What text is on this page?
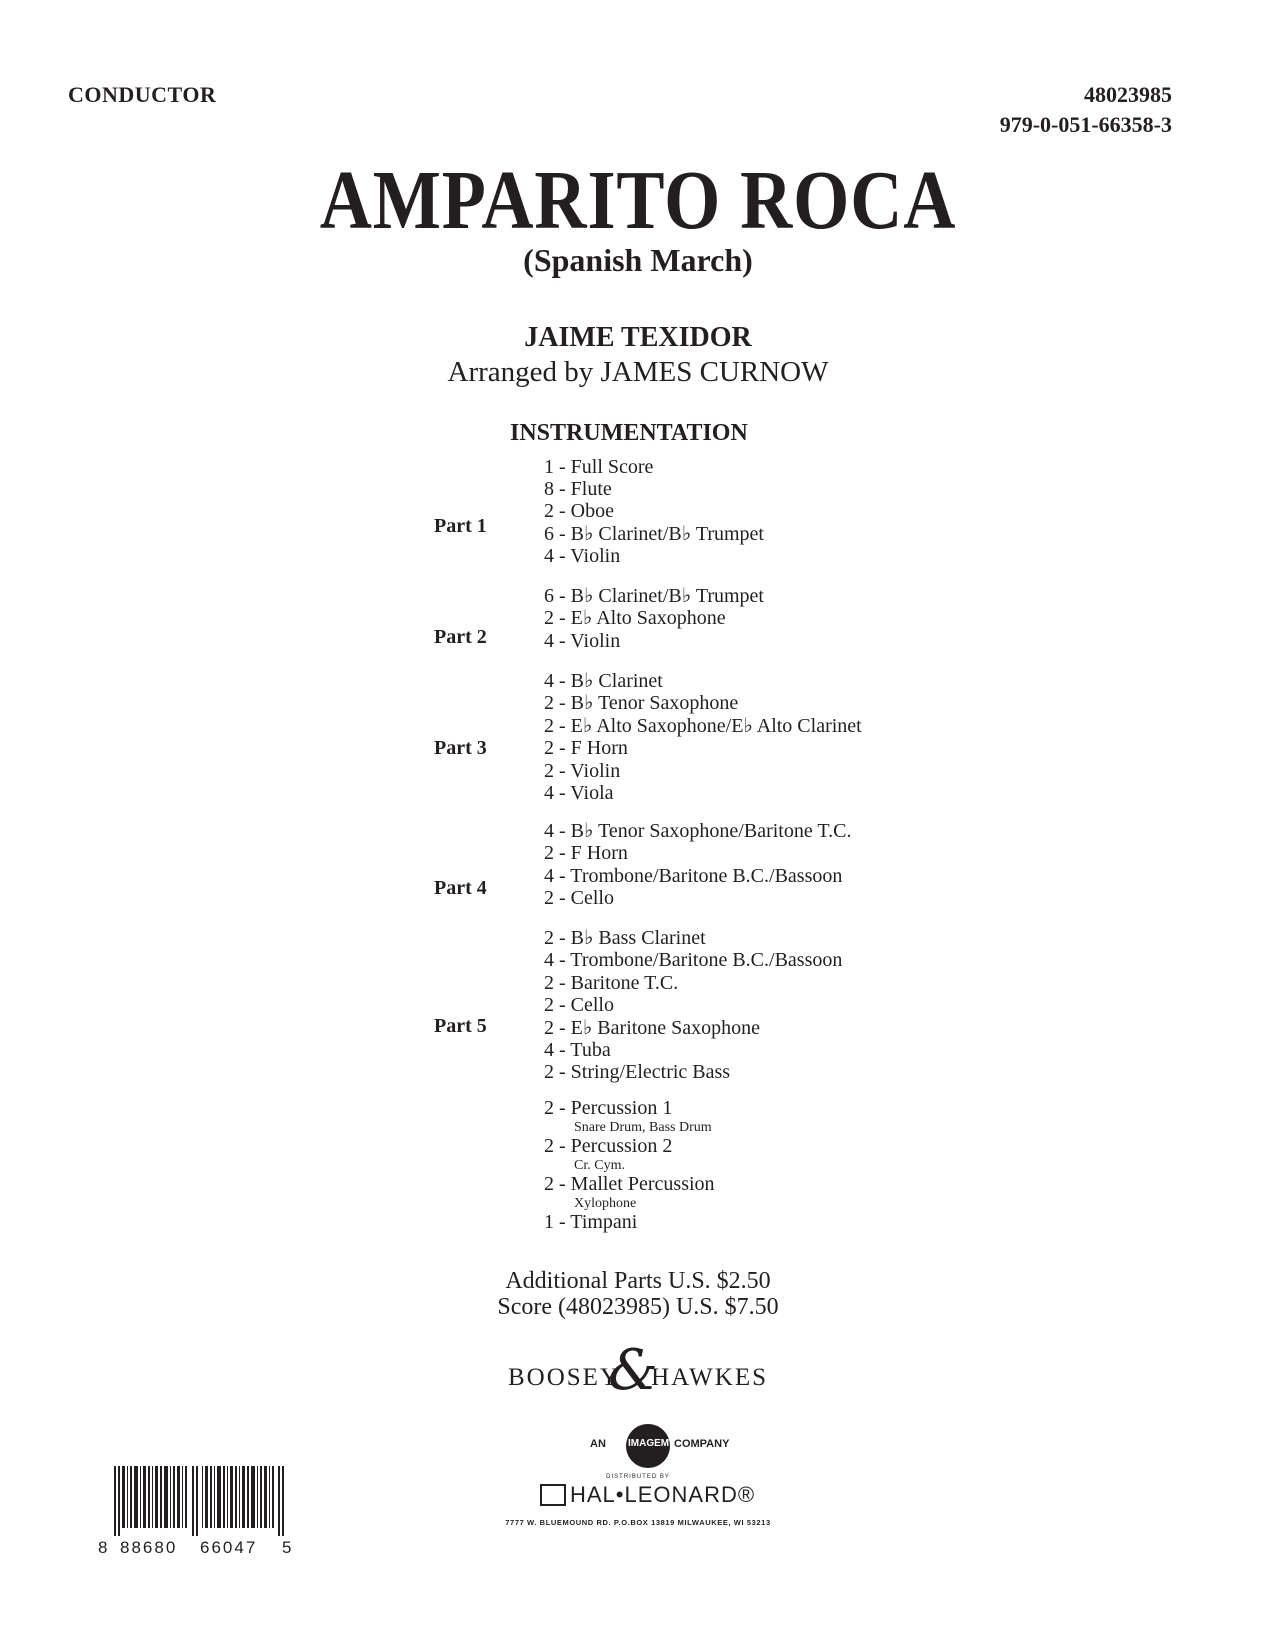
CONDUCTOR	48023985
979-0-051-66358-3
AMPARITO ROCA
(Spanish March)
JAIME TEXIDOR
Arranged by JAMES CURNOW
INSTRUMENTATION
1 - Full Score
Part 1
8 - Flute
2 - Oboe
6 - B♭ Clarinet/B♭ Trumpet
4 - Violin
Part 2
6 - B♭ Clarinet/B♭ Trumpet
2 - E♭ Alto Saxophone
4 - Violin
Part 3
4 - B♭ Clarinet
2 - B♭ Tenor Saxophone
2 - E♭ Alto Saxophone/E♭ Alto Clarinet
2 - F Horn
2 - Violin
4 - Viola
Part 4
4 - B♭ Tenor Saxophone/Baritone T.C.
2 - F Horn
4 - Trombone/Baritone B.C./Bassoon
2 - Cello
Part 5
2 - B♭ Bass Clarinet
4 - Trombone/Baritone B.C./Bassoon
2 - Baritone T.C.
2 - Cello
2 - E♭ Baritone Saxophone
4 - Tuba
2 - String/Electric Bass
2 - Percussion 1
Snare Drum, Bass Drum
2 - Percussion 2
Cr. Cym.
2 - Mallet Percussion
Xylophone
1 - Timpani
Additional Parts U.S. $2.50
Score (48023985) U.S. $7.50
BOOSEY
&
HAWKES
AN IMAGEM COMPANY
DISTRIBUTED BY
HAL•LEONARD®
7777 W. BLUEMOUND RD. P.O.BOX 13819 MILWAUKEE, WI 53213
8 88680 66047 5
